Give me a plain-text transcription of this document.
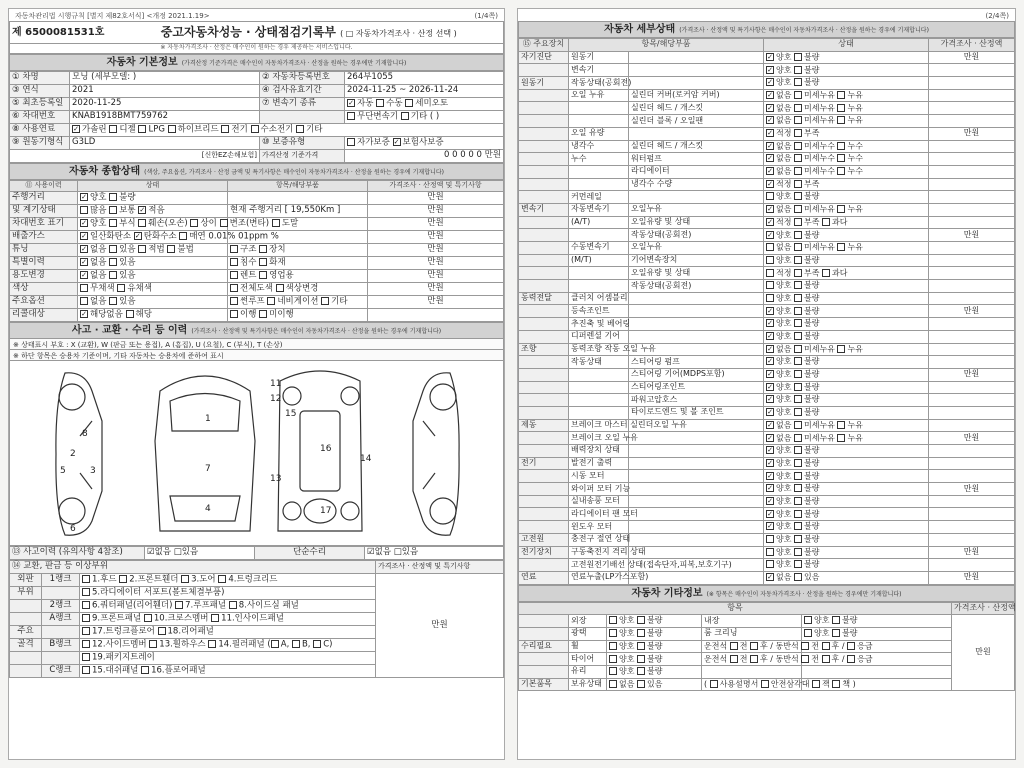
자동차관리법 시행규칙 [별지 제82호서식] <개정 2021.1.19>	(1/4쪽)
제 6500081531호	중고자동차성능 · 상태점검기록부 ( □ 자동차가격조사 · 산정 선택 )
※ 자동차가격조사 · 산정은 매수인이 원하는 경우 제공하는 서비스입니다.
자동차 기본정보 (가격산정 기준가격은 매수인이 자동차가격조사 · 산정을 원하는 경우에만 기재합니다)
① 차명	모닝 (세부모델: )	② 자동차등록번호	264부1055
③ 연식	2021	④ 검사유효기간	2024-11-25 ~ 2026-11-24
⑤ 최초등록일	2020-11-25	⑦ 변속기 종류	✓ 자동 수동 세미오토
⑥ 차대번호	KNAB1918BMT759762		무단변속기 기타 ( )
⑧ 사용연료	✓ 가솔린 디젤 LPG 하이브리드 전기 수소전기 기타		
⑨ 원동기형식	G3LD	⑩ 보증유형	자가보증 ✓ 보험사보증
[신한EZ손해보험]		가격산정 기준가격	0 0 0 0 0 만원
자동차 종합상태 (색상, 주요옵션, 가격조사 · 산정 금액 및 특기사항은 매수인이 자동차가격조사 · 산정을 원하는 경우에 기재합니다)
⑪ 사용이력	상태	항목/해당부품	가격조사 · 산정액 및 특기사항
주행거리	✓ 양호 불량		만원
및 계기상태	많음 보통 ✓ 적음	현재 주행거리 [ 19,550Km ]	만원
차대번호 표기	✓ 양호 부식 훼손(오손) 상이 변조(변타) 도말		만원
배출가스	✓ 일산화탄소 ✓ 탄화수소 매연 0.01% 01ppm %		만원
튜닝	✓ 없음 있음 적법 불법	구조 장치	만원
특별이력	✓ 없음 있음	침수 화재	만원
용도변경	✓ 없음 있음	렌트 영업용	만원
색상	무채색 유채색	전체도색 색상변경	만원
주요옵션	없음 있음	썬루프 네비게이션 기타	만원
리콜대상	✓ 해당없음 해당	이행 미이행	
사고 · 교환 · 수리 등 이력 (가격조사 · 산정액 및 특기사항은 매수인이 자동차가격조사 · 산정을 원하는 경우에 기재합니다)
※ 상태표시 부호 : X (교환), W (판금 또는 용접), A (흠집), U (요철), C (부식), T (손상)
※ 하단 항목은 승용차 기준이며, 기타 자동차는 승용차에 준하여 표시
1
2
3
4
5
6
7
8
11
12
13
14
15
16
17
⑬ 사고이력 (유의사항 4참조)	☑없음 □있음	단순수리	☑없음 □있음
⑭ 교환, 판금 등 이상부위			가격조사 · 산정액 및 특기사항
외판	1랭크	1.후드 2.프론트휀더 3.도어 4.트렁크리드	만원
부위		5.라디에이터 서포트(볼트체결부품)	
	2랭크	6.쿼터패널(리어휀더) 7.루프패널 8.사이드실 패널	
	A랭크	9.프론트패널 10.크로스멤버 11.인사이드패널	
주요		17.트렁크플로어 18.리어패널	
골격	B랭크	12.사이드멤버 13.휠하우스 14.필러패널 ( A, B, C)	
		19.패키지트레이	
	C랭크	15.대쉬패널 16.플로어패널	
(2/4쪽)
자동차 세부상태 (가격조사 · 산정액 및 특기사항은 매수인이 자동차가격조사 · 산정을 원하는 경우에 기재합니다)
⑮ 주요장치	항목/해당부품		상태	가격조사 · 산정액
자기진단	원동기		✓ 양호 불량	만원
	변속기		✓ 양호 불량	
원동기	작동상태(공회전)		✓ 양호 불량	
	오일 누유	실린더 커버(로커암 커버)	✓ 없음 미세누유 누유	
		실린더 헤드 / 개스킷	✓ 없음 미세누유 누유	
		실린더 블록 / 오일팬	✓ 없음 미세누유 누유	
	오일 유량		✓ 적정 부족	만원
	냉각수	실린더 헤드 / 개스킷	✓ 없음 미세누수 누수	
	누수	워터펌프	✓ 없음 미세누수 누수	
		라디에이터	✓ 없음 미세누수 누수	
		냉각수 수량	✓ 적정 부족	
	커먼레일		양호 불량	
변속기	자동변속기	오일누유	✓ 없음 미세누유 누유	
	(A/T)	오일유량 및 상태	✓ 적정 부족 과다	
		작동상태(공회전)	✓ 양호 불량	만원
	수동변속기	오일누유	없음 미세누유 누유	
	(M/T)	기어변속장치	양호 불량	
		오일유량 및 상태	적정 부족 과다	
		작동상태(공회전)	양호 불량	
동력전달	클러치 어셈블리		양호 불량	
	등속조인트		✓ 양호 불량	만원
	추진축 및 베어링		✓ 양호 불량	
	디퍼렌셜 기어		✓ 양호 불량	
조향	동력조향 작동 오일 누유		✓ 없음 미세누유 누유	
	작동상태	스티어링 펌프	✓ 양호 불량	
		스티어링 기어(MDPS포함)	✓ 양호 불량	만원
		스티어링조인트	✓ 양호 불량	
		파워고압호스	✓ 양호 불량	
		타이로드엔드 및 볼 조인트	✓ 양호 불량	
제동	브레이크 마스터 실린더오일 누유		✓ 없음 미세누유 누유	
	브레이크 오일 누유		✓ 없음 미세누유 누유	만원
	배력장치 상태		✓ 양호 불량	
전기	발전기 출력		✓ 양호 불량	
	시동 모터		✓ 양호 불량	
	와이퍼 모터 기능		✓ 양호 불량	만원
	실내송풍 모터		✓ 양호 불량	
	라디에이터 팬 모터		✓ 양호 불량	
	윈도우 모터		✓ 양호 불량	
고전원	충전구 절연 상태		양호 불량	
전기장치	구동축전지 격리 상태		양호 불량	만원
	고전원전기배선 상태(접속단자,피복,보호기구)		양호 불량	
연료	연료누출(LP가스포함)		✓ 없음 있음	만원
자동차 기타정보 (※ 항목은 매수인이 자동차가격조사 · 산정을 원하는 경우에만 기재합니다)
항목					가격조사 · 산정액
	외장	양호 불량	내장	양호 불량	만원
	광택	양호 불량	룸 크리닝	양호 불량	
수리필요	휠	양호 불량	운전석 전 후 / 동반석 전 후 / 응급		
	타이어	양호 불량	운전석 전 후 / 동반석 전 후 / 응급		
	유리	양호 불량			
기본품목	보유상태	없음 있음	( 사용설명서 안전삼각대 잭 책 )		
